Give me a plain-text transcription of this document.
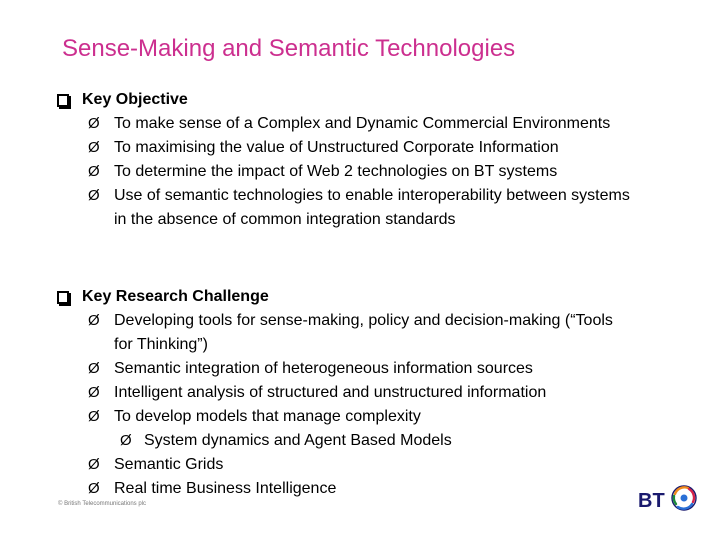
Sense-Making and Semantic Technologies
Key Objective
Ø To make sense of a Complex and Dynamic Commercial Environments
Ø To maximising the value of Unstructured Corporate Information
Ø To determine the impact of Web 2 technologies on BT systems
Ø Use of semantic technologies to enable interoperability between systems in the absence of common integration standards
Key Research Challenge
Ø Developing tools for sense-making, policy and decision-making (“Tools for Thinking”)
Ø Semantic integration of heterogeneous information sources
Ø Intelligent analysis of structured and unstructured information
Ø To develop models that manage complexity
Ø System dynamics and Agent Based Models
Ø Semantic Grids
Ø Real time Business Intelligence
© British Telecommunications plc	BT
